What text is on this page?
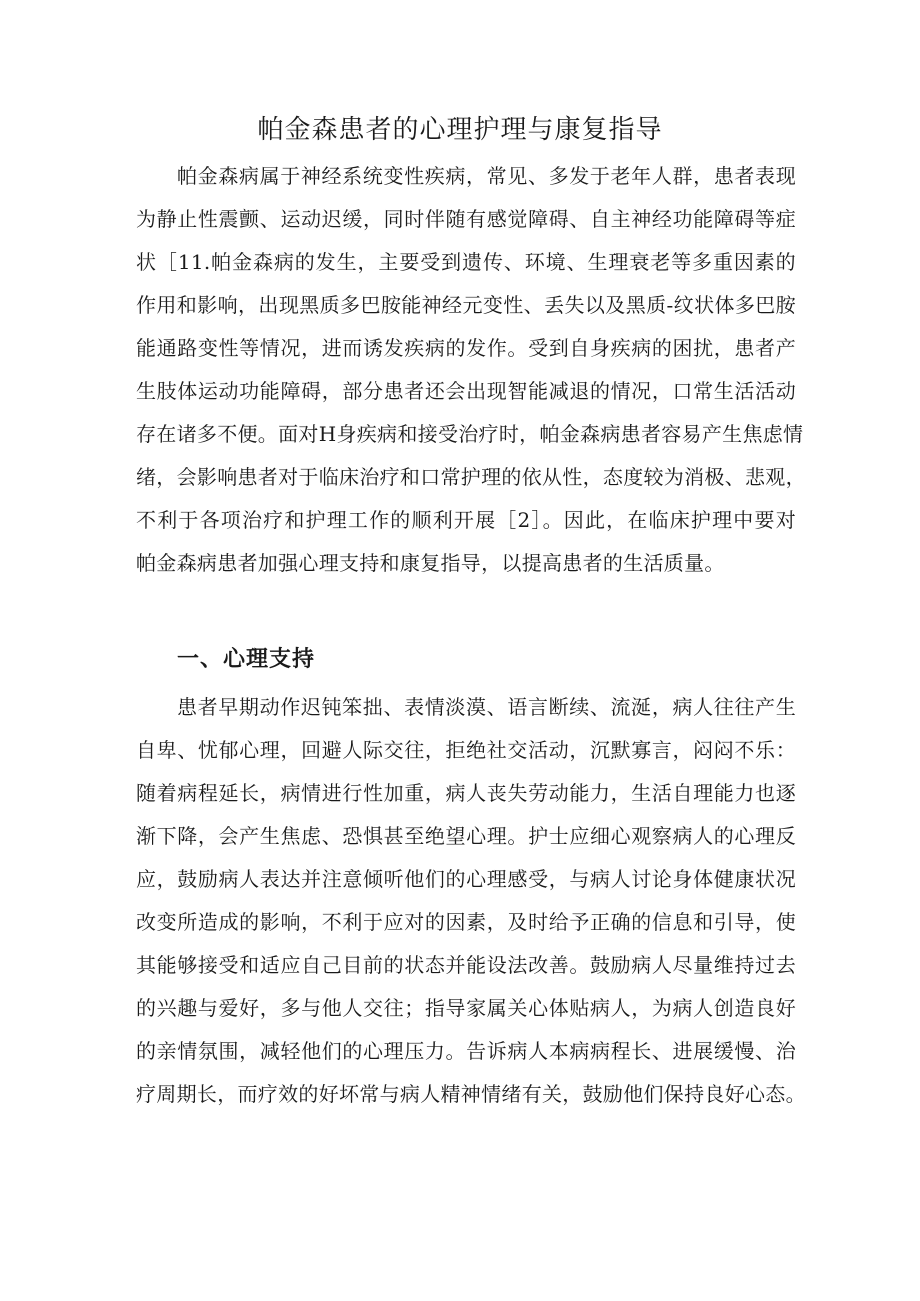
帕金森患者的心理护理与康复指导
帕金森病属于神经系统变性疾病，常见、多发于老年人群，患者表现
为静止性震颤、运动迟缓，同时伴随有感觉障碍、自主神经功能障碍等症
状［11.帕金森病的发生，主要受到遗传、环境、生理衰老等多重因素的
作用和影响，出现黑质多巴胺能神经元变性、丢失以及黑质-纹状体多巴胺
能通路变性等情况，进而诱发疾病的发作。受到自身疾病的困扰，患者产
生肢体运动功能障碍，部分患者还会出现智能减退的情况，口常生活活动
存在诸多不便。面对H身疾病和接受治疗时，帕金森病患者容易产生焦虑情
绪，会影响患者对于临床治疗和口常护理的依从性，态度较为消极、悲观，
不利于各项治疗和护理工作的顺利开展［2］。因此，在临床护理中要对
帕金森病患者加强心理支持和康复指导，以提高患者的生活质量。
一、心理支持
患者早期动作迟钝笨拙、表情淡漠、语言断续、流涎，病人往往产生
自卑、忧郁心理，回避人际交往，拒绝社交活动，沉默寡言，闷闷不乐：
随着病程延长，病情进行性加重，病人丧失劳动能力，生活自理能力也逐
渐下降，会产生焦虑、恐惧甚至绝望心理。护士应细心观察病人的心理反
应，鼓励病人表达并注意倾听他们的心理感受，与病人讨论身体健康状况
改变所造成的影响，不利于应对的因素，及时给予正确的信息和引导，使
其能够接受和适应自己目前的状态并能设法改善。鼓励病人尽量维持过去
的兴趣与爱好，多与他人交往；指导家属关心体贴病人，为病人创造良好
的亲情氛围，减轻他们的心理压力。告诉病人本病病程长、进展缓慢、治
疗周期长，而疗效的好坏常与病人精神情绪有关，鼓励他们保持良好心态。
